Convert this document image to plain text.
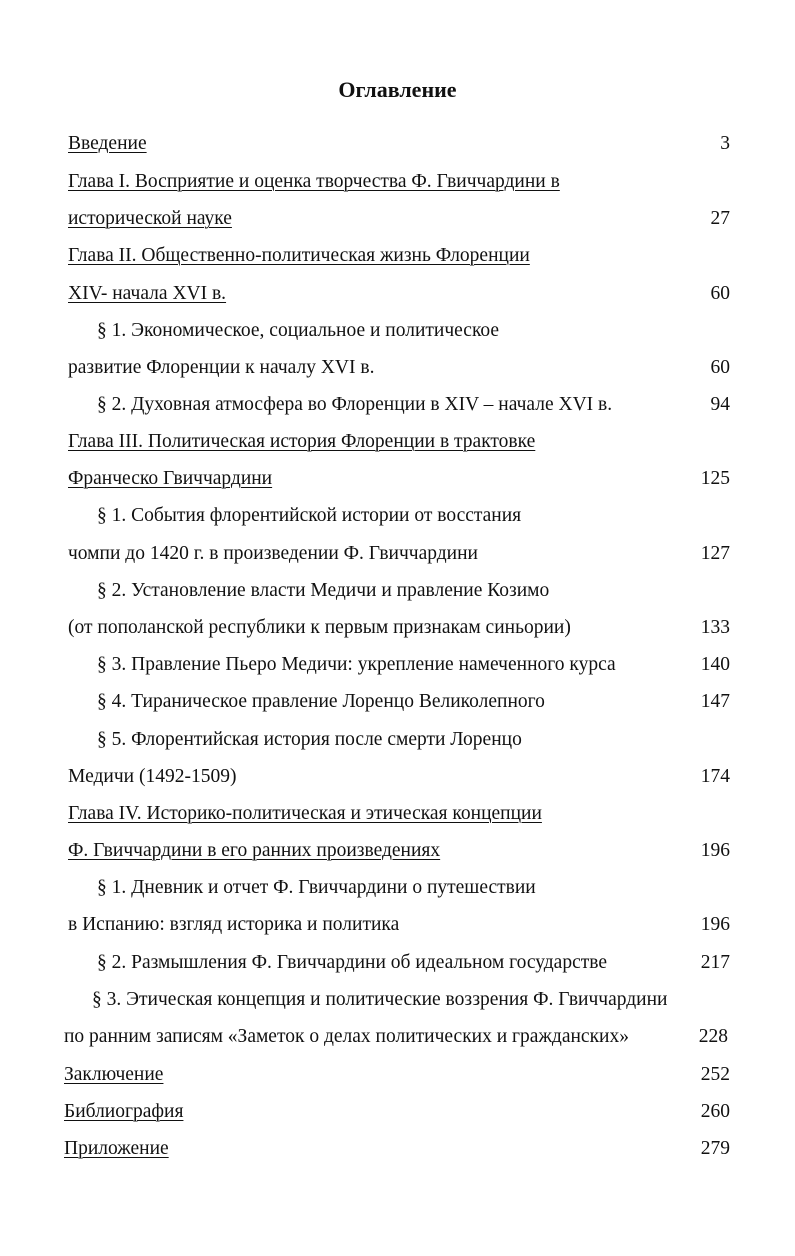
Оглавление
Введение	3
Глава I. Восприятие и оценка творчества Ф. Гвиччардини в
исторической науке	27
Глава II. Общественно-политическая жизнь Флоренции
XIV- начала XVI в.	60
§ 1. Экономическое, социальное и политическое
развитие Флоренции к началу XVI в.	60
§ 2. Духовная атмосфера во Флоренции в XIV – начале XVI в.	94
Глава III. Политическая история Флоренции в трактовке
Франческо Гвиччардини	125
§ 1. События флорентийской истории от восстания
чомпи до 1420 г. в произведении Ф. Гвиччардини	127
§ 2. Установление власти Медичи и правление Козимо
(от пополанской республики к первым признакам синьории)	133
§ 3. Правление Пьеро Медичи: укрепление намеченного курса	140
§ 4. Тираническое правление Лоренцо Великолепного	147
§ 5. Флорентийская история после смерти Лоренцо
Медичи (1492-1509)	174
Глава IV. Историко-политическая и этическая концепции
Ф. Гвиччардини в его ранних произведениях	196
§ 1. Дневник и отчет Ф. Гвиччардини о путешествии
в Испанию: взгляд историка и политика	196
§ 2. Размышления Ф. Гвиччардини об идеальном государстве	217
§ 3. Этическая концепция и политические воззрения Ф. Гвиччардини
по ранним записям «Заметок о делах политических и гражданских»	228
Заключение	252
Библиография	260
Приложение	279
